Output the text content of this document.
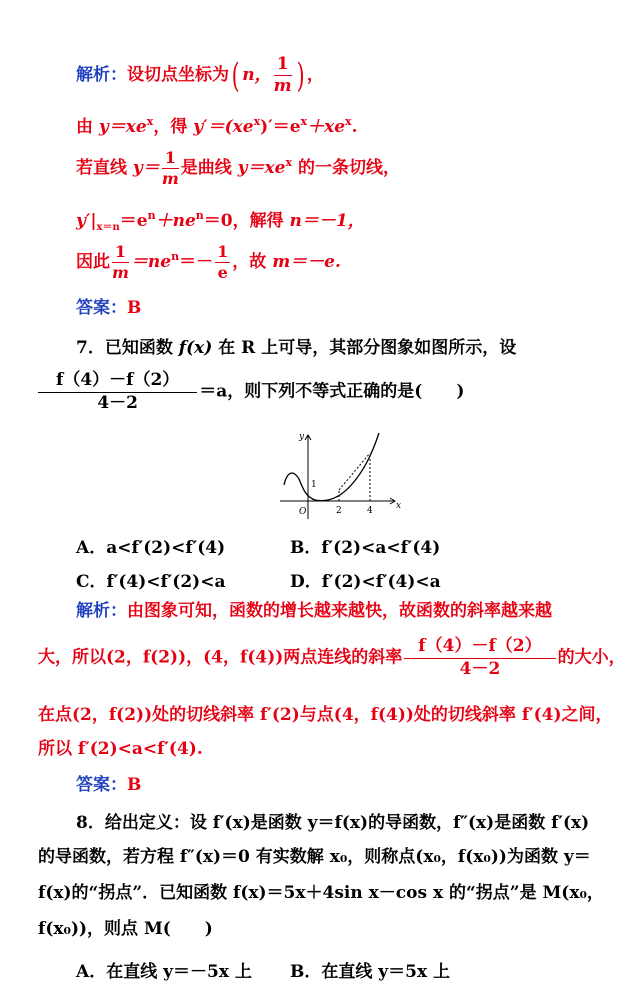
解析：设切点坐标为( n， $\frac{1}{m}$ ) ，
由 $y=xe^x$，得 $y'=(xe^x)'=e^x+xe^x$.
若直线 $y= \frac{1}{m}$ 是曲线 $y=xe^x$ 的一条切线，
$y'|_{x=n}=e^n+ne^n=0$，解得 n＝－1，
因此 $\frac{1}{m} =ne^n=- \frac{1}{e}$ ，故 m＝－e.
答案：B
7．已知函数 f(x) 在 R 上可导，其部分图象如图所示，设
$\frac{f(4)-f(2)}{4-2} =a$，则下列不等式正确的是(　　)
y
x
O
1
2	4
A．a<f′(2)<f′(4)	B．f′(2)<a<f′(4)
C．f′(4)<f′(2)<a	D．f′(2)<f′(4)<a
解析：由图象可知，函数的增长越来越快，故函数的斜率越来越
大，所以(2，f(2))，(4，f(4))两点连线的斜率 $\frac{f(4)-f(2)}{4-2}$ 的大小，
在点(2，f(2))处的切线斜率 f′(2)与点(4，f(4))处的切线斜率 f′(4)之间，
所以 f′(2)<a<f′(4).
答案：B
8．给出定义：设 f′(x)是函数 y＝f(x)的导函数，f″(x)是函数 f′(x)
的导函数，若方程 f″(x)＝0 有实数解 x₀，则称点(x₀，f(x₀))为函数 y＝
f(x)的“拐点”．已知函数 f(x)＝5x＋4sin x－cos x 的“拐点”是 M(x₀，
f(x₀))，则点 M(　　)
A．在直线 y＝－5x 上 B．在直线 y＝5x 上
